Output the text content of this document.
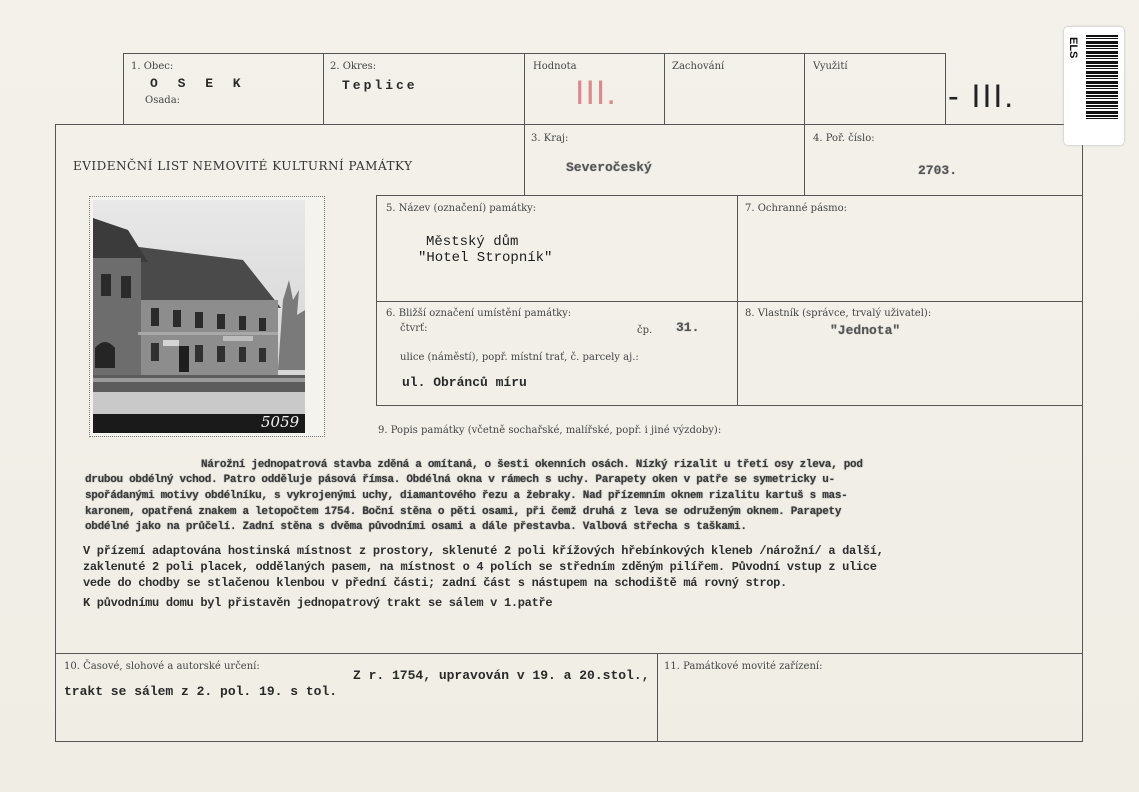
1. Obec:
O S E K
Osada:
2. Okres:
Teplice
Hodnota
III.
Zachování	Využití
- III.
EVIDENČNÍ LIST NEMOVITÉ KULTURNÍ PAMÁTKY
3. Kraj:
Severočeský
4. Poř. číslo:
2703.
5059
5. Název (označení) památky:
Městský dům
"Hotel Stropník"
7. Ochranné pásmo:
6. Bližší označení umístění památky:
čtvrť:	čp. 31.
ulice (náměstí), popř. místní trať, č. parcely aj.:
ul. Obránců míru
8. Vlastník (správce, trvalý uživatel):
"Jednota"
9. Popis památky (včetně sochařské, malířské, popř. i jiné výzdoby):
Nárožní jednopatrová stavba zděná a omítaná, o šesti okenních osách. Nízký rizalit u třetí osy zleva, pod
drubou obdélný vchod. Patro odděluje pásová římsa. Obdélná okna v rámech s uchy. Parapety oken v patře se symetricky u-
spořádanými motivy obdélníku, s vykrojenými uchy, diamantového řezu a žebraky. Nad přízemním oknem rizalitu kartuš s mas-
karonem, opatřená znakem a letopočtem 1754. Boční stěna o pěti osami, při čemž druhá z leva se odruženým oknem. Parapety
obdélné jako na průčelí. Zadní stěna s dvěma původními osami a dále přestavba. Valbová střecha s taškami.
V přízemí adaptována hostinská místnost z prostory, sklenuté 2 poli křížových hřebínkových kleneb /nárožní/ a další,
zaklenuté 2 poli placek, oddělaných pasem, na místnost o 4 polích se středním zděným pilířem. Původní vstup z ulice
vede do chodby se stlačenou klenbou v přední části; zadní část s nástupem na schodiště má rovný strop.
K původnímu domu byl přistavěn jednopatrový trakt se sálem v 1.patře
10. Časové, slohové a autorské určení:
Z r. 1754, upravován v 19. a 20.stol.,
trakt se sálem z 2. pol. 19. s tol.
11. Památkové movité zařízení:
ELS
